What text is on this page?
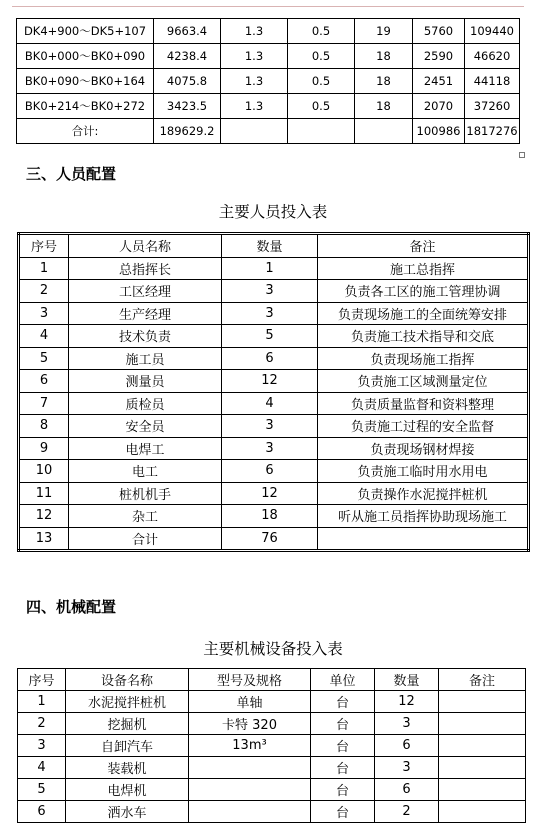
DK4+900～DK5+107	9663.4	1.3	0.5	19	5760	109440
BK0+000～BK0+090	4238.4	1.3	0.5	18	2590	46620
BK0+090～BK0+164	4075.8	1.3	0.5	18	2451	44118
BK0+214～BK0+272	3423.5	1.3	0.5	18	2070	37260
合计:	189629.2				100986	1817276
三、人员配置
主要人员投入表
序号	人员名称	数量	备注
1	总指挥长	1	施工总指挥
2	工区经理	3	负责各工区的施工管理协调
3	生产经理	3	负责现场施工的全面统筹安排
4	技术负责	5	负责施工技术指导和交底
5	施工员	6	负责现场施工指挥
6	测量员	12	负责施工区域测量定位
7	质检员	4	负责质量监督和资料整理
8	安全员	3	负责施工过程的安全监督
9	电焊工	3	负责现场钢材焊接
10	电工	6	负责施工临时用水用电
11	桩机机手	12	负责操作水泥搅拌桩机
12	杂工	18	听从施工员指挥协助现场施工
13	合计	76	
四、机械配置
主要机械设备投入表
序号	设备名称	型号及规格	单位	数量	备注
1	水泥搅拌桩机	单轴	台	12	
2	挖掘机	卡特 320	台	3	
3	自卸汽车	13m³	台	6	
4	装载机		台	3	
5	电焊机		台	6	
6	洒水车		台	2	
